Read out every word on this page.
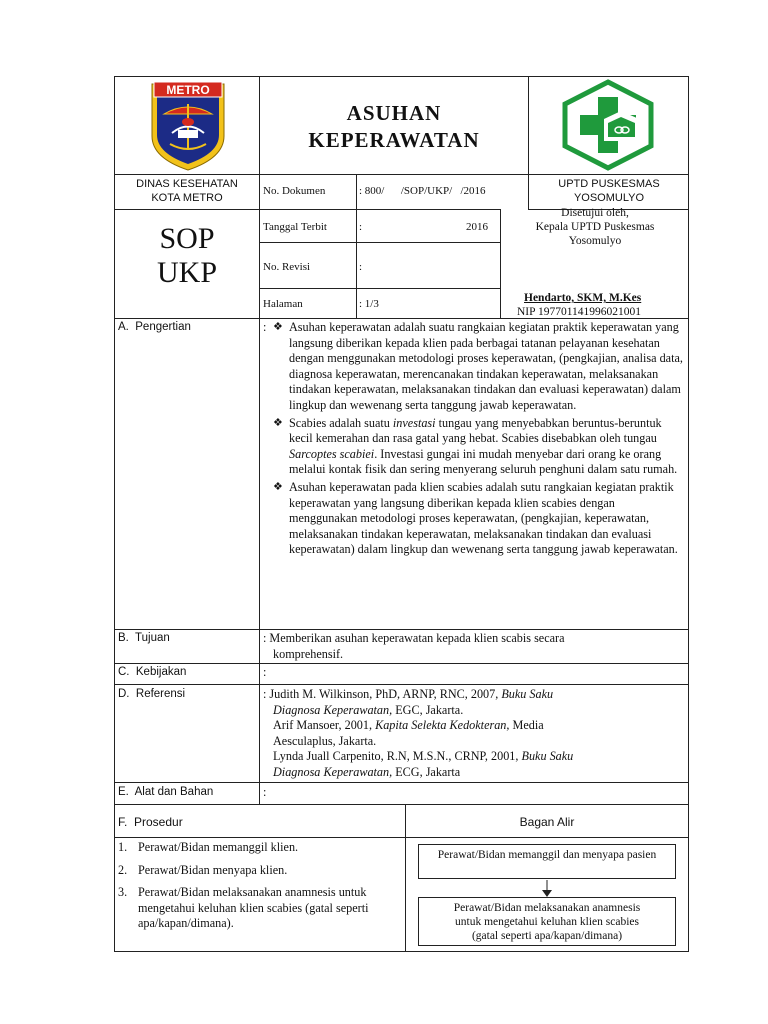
METRO
ASUHAN
KEPERAWATAN
DINAS KESEHATAN
KOTA METRO
No. Dokumen	: 800/      /SOP/UKP/   /2016
UPTD PUSKESMAS
YOSOMULYO
SOP
UKP
Tanggal Terbit	:	2016
No. Revisi	:
Halaman	: 1/3
Disetujui oleh,
Kepala UPTD Puskesmas
Yosomulyo
Hendarto, SKM, M.Kes
NIP 197701141996021001
A.  Pengertian	: ❖ Asuhan keperawatan adalah suatu rangkaian kegiatan praktik keperawatan yang langsung diberikan kepada klien pada berbagai tatanan pelayanan kesehatan dengan menggunakan metodologi proses keperawatan, (pengkajian, analisa data, diagnosa keperawatan, merencanakan tindakan keperawatan, melaksanakan tindakan keperawatan, melaksanakan tindakan dan evaluasi keperawatan) dalam lingkup dan wewenang serta tanggung jawab keperawatan.
❖ Scabies adalah suatu investasi tungau yang menyebabkan beruntus-beruntuk kecil kemerahan dan rasa gatal yang hebat. Scabies disebabkan oleh tungau Sarcoptes scabiei. Investasi gungai ini mudah menyebar dari orang ke orang melalui kontak fisik dan sering menyerang seluruh penghuni dalam satu rumah.
❖ Asuhan keperawatan pada klien scabies adalah sutu rangkaian kegiatan praktik keperawatan yang langsung diberikan kepada klien scabies dengan menggunakan metodologi proses keperawatan, (pengkajian, keperawatan, melaksanakan tindakan keperawatan, melaksanakan tindakan dan evaluasi keperawatan) dalam lingkup dan wewenang serta tanggung jawab keperawatan.
B.  Tujuan	: Memberikan asuhan keperawatan kepada klien scabis secara
komprehensif.
C.  Kebijakan	:
D.  Referensi	: Judith M. Wilkinson, PhD, ARNP, RNC, 2007, Buku Saku
Diagnosa Keperawatan, EGC, Jakarta.
Arif Mansoer, 2001, Kapita Selekta Kedokteran, Media
Aesculaplus, Jakarta.
Lynda Juall Carpenito, R.N, M.S.N., CRNP, 2001, Buku Saku
Diagnosa Keperawatan, ECG, Jakarta
E.  Alat dan Bahan	:
F.  Prosedur	Bagan Alir
1. Perawat/Bidan memanggil klien.
2. Perawat/Bidan menyapa klien.
3. Perawat/Bidan melaksanakan anamnesis untuk mengetahui keluhan klien scabies (gatal seperti apa/kapan/dimana).
Perawat/Bidan memanggil dan menyapa pasien
Perawat/Bidan melaksanakan anamnesis
untuk mengetahui keluhan klien scabies
(gatal seperti apa/kapan/dimana)
